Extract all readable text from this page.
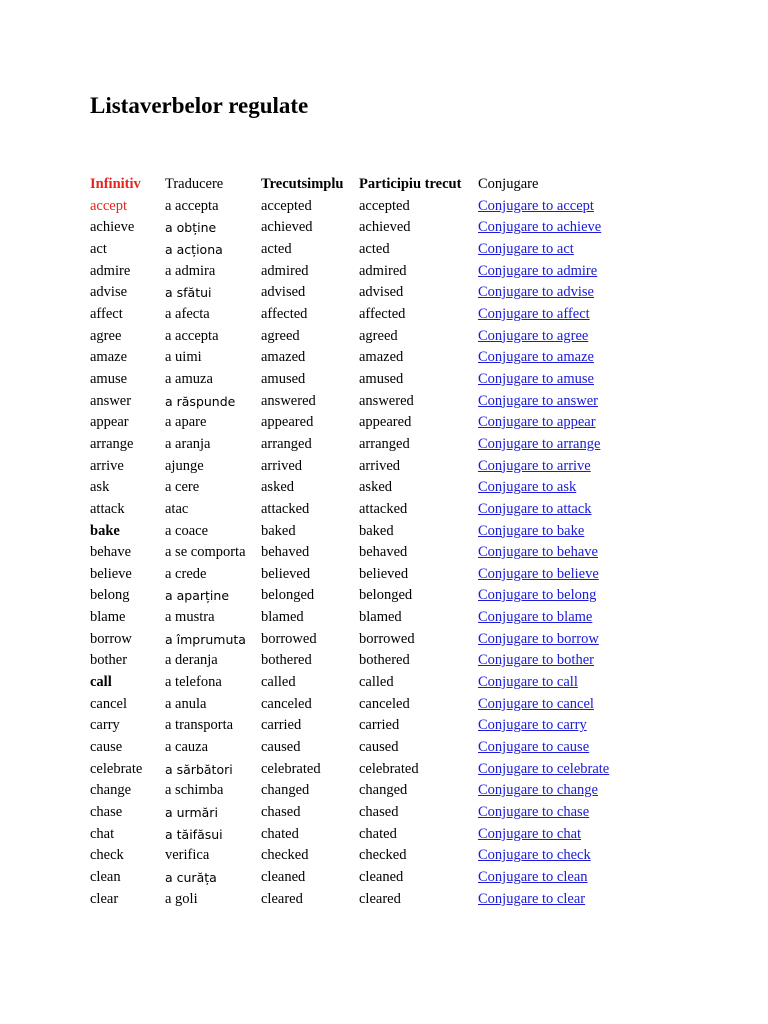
Listaverbelor regulate
Infinitiv	Traducere	Trecutsimplu	Participiu trecut	Conjugare
accept	a accepta	accepted	accepted	Conjugare to accept
achieve	a obține	achieved	achieved	Conjugare to achieve
act	a acționa	acted	acted	Conjugare to act
admire	a admira	admired	admired	Conjugare to admire
advise	a sfătui	advised	advised	Conjugare to advise
affect	a afecta	affected	affected	Conjugare to affect
agree	a accepta	agreed	agreed	Conjugare to agree
amaze	a uimi	amazed	amazed	Conjugare to amaze
amuse	a amuza	amused	amused	Conjugare to amuse
answer	a răspunde	answered	answered	Conjugare to answer
appear	a apare	appeared	appeared	Conjugare to appear
arrange	a aranja	arranged	arranged	Conjugare to arrange
arrive	ajunge	arrived	arrived	Conjugare to arrive
ask	a cere	asked	asked	Conjugare to ask
attack	atac	attacked	attacked	Conjugare to attack
bake	a coace	baked	baked	Conjugare to bake
behave	a se comporta	behaved	behaved	Conjugare to behave
believe	a crede	believed	believed	Conjugare to believe
belong	a aparține	belonged	belonged	Conjugare to belong
blame	a mustra	blamed	blamed	Conjugare to blame
borrow	a împrumuta	borrowed	borrowed	Conjugare to borrow
bother	a deranja	bothered	bothered	Conjugare to bother
call	a telefona	called	called	Conjugare to call
cancel	a anula	canceled	canceled	Conjugare to cancel
carry	a transporta	carried	carried	Conjugare to carry
cause	a cauza	caused	caused	Conjugare to cause
celebrate	a sărbători	celebrated	celebrated	Conjugare to celebrate
change	a schimba	changed	changed	Conjugare to change
chase	a urmări	chased	chased	Conjugare to chase
chat	a tăifăsui	chated	chated	Conjugare to chat
check	verifica	checked	checked	Conjugare to check
clean	a curăța	cleaned	cleaned	Conjugare to clean
clear	a goli	cleared	cleared	Conjugare to clear
